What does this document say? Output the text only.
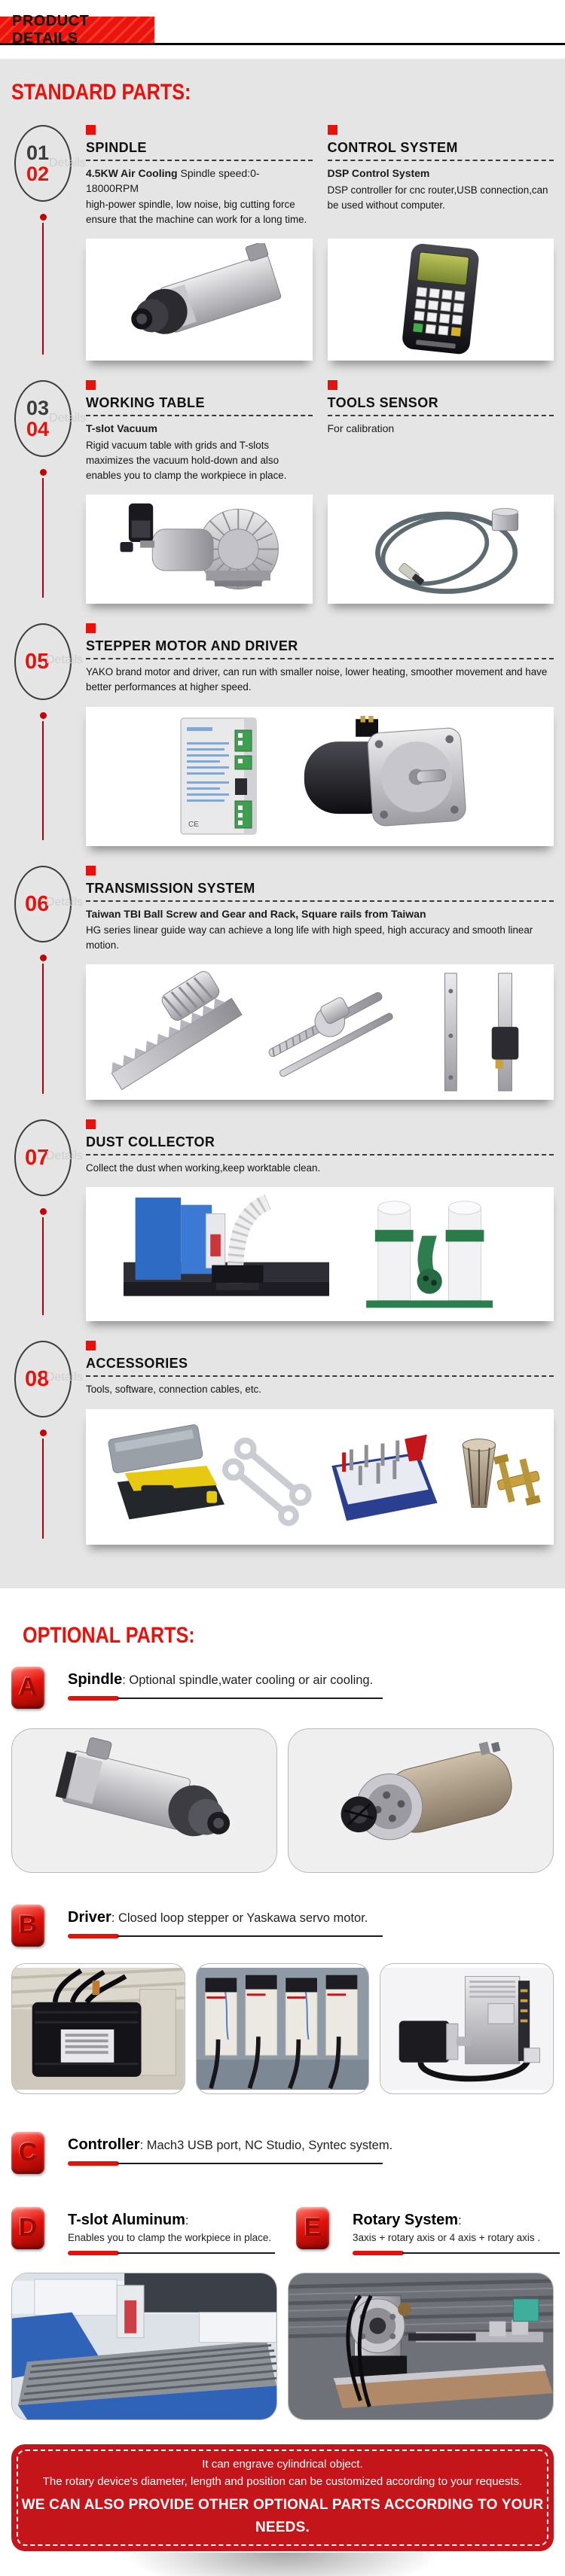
PRODUCT DETAILS
STANDARD PARTS:
01
02 Details
SPINDLE

4.5KW Air Cooling Spindle speed:0-18000RPM

high-power spindle, low noise, big cutting force ensure that the machine can work for a long time.

CONTROL SYSTEM

DSP Control System

DSP controller for cnc router,USB connection,can be used without computer.

03
04 Details
WORKING TABLE

T-slot Vacuum

Rigid vacuum table with grids and T-slots maximizes the vacuum hold-down and also enables you to clamp the workpiece in place.

TOOLS SENSOR

For calibration

05
Details
STEPPER MOTOR AND DRIVER

YAKO brand motor and driver, can run with smaller noise, lower heating, smoother movement and have better performances at higher speed.

CE
06
Details
TRANSMISSION SYSTEM

Taiwan TBI Ball Screw and Gear and Rack, Square rails from Taiwan

HG series linear guide way can achieve a long life with high speed, high accuracy and smooth linear motion.

07
Details
DUST COLLECTOR

Collect the dust when working,keep worktable clean.

08
Details
ACCESSORIES

Tools, software, connection cables, etc.

OPTIONAL PARTS:
A Spindle: Optional spindle,water cooling or air cooling.
B Driver: Closed loop stepper or Yaskawa servo motor.
C Controller: Mach3 USB port, NC Studio, Syntec system.
D T-slot Aluminum:
Enables you to clamp the workpiece in place. E Rotary System:
3axis + rotary axis or 4 axis + rotary axis .

It can engrave cylindrical object.

The rotary device's diameter, length and position can be customized according to your requests.

WE CAN ALSO PROVIDE OTHER OPTIONAL PARTS ACCORDING TO YOUR NEEDS.
